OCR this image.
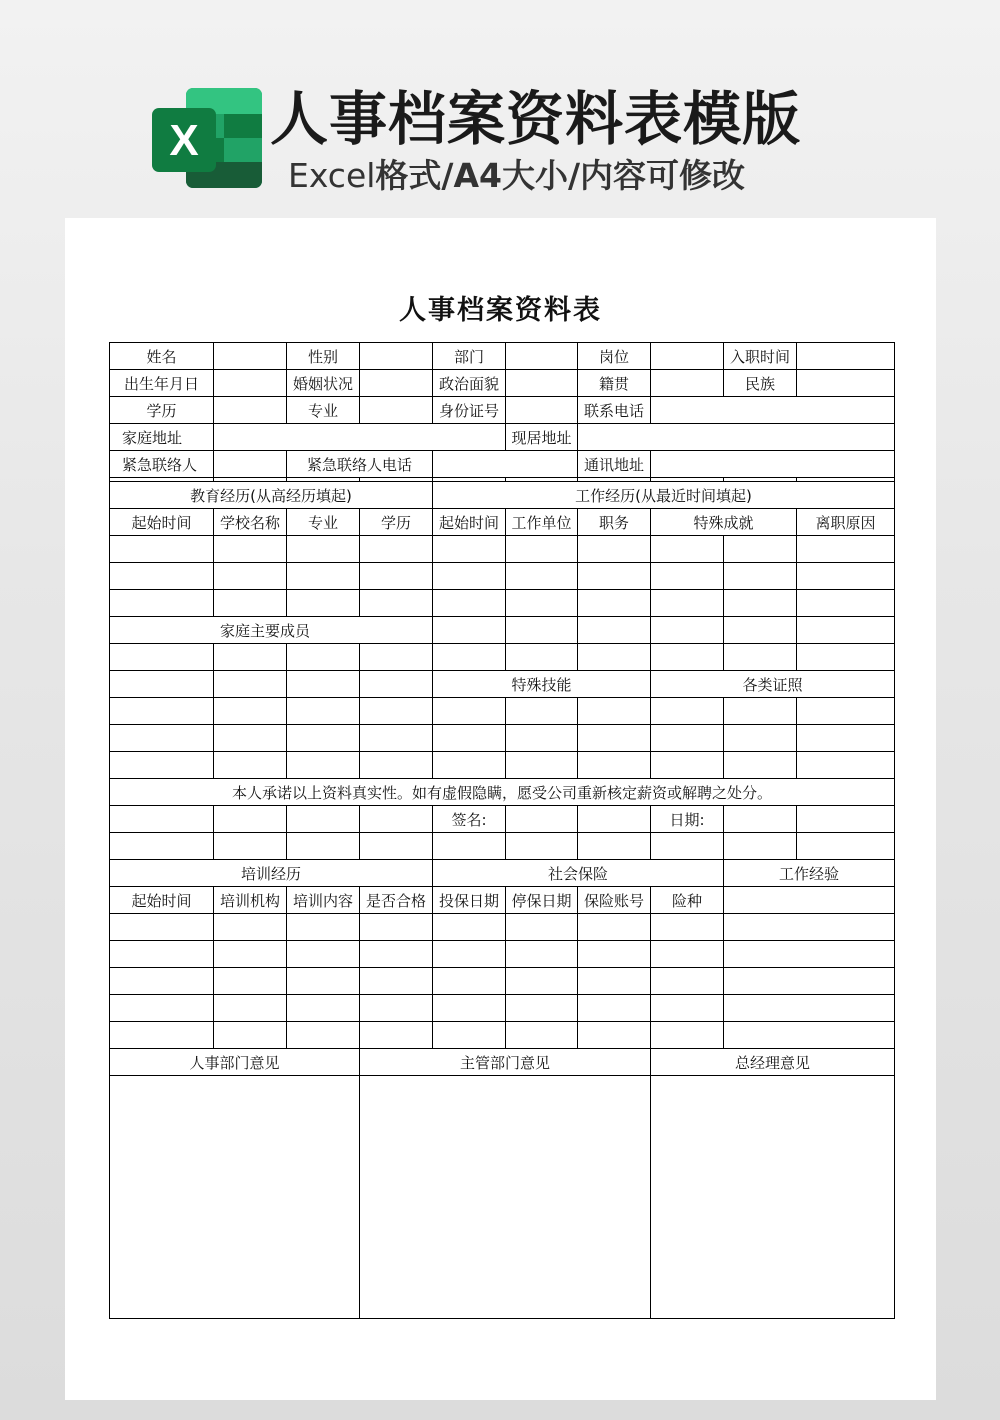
X 人事档案资料表模版
Excel格式/A4大小/内容可修改
人事档案资料表
姓名		性别		部门		岗位		入职时间	
出生年月日		婚姻状况		政治面貌		籍贯		民族	
学历		专业		身份证号		联系电话			
家庭地址					现居地址				
紧急联络人		紧急联络人电话				通讯地址			

教育经历(从高经历填起)				工作经历(从最近时间填起)					
起始时间	学校名称	专业	学历	起始时间	工作单位	职务	特殊成就		离职原因

家庭主要成员									

				特殊技能			各类证照		

本人承诺以上资料真实性。如有虚假隐瞒，愿受公司重新核定薪资或解聘之处分。									
				签名:			日期:		

培训经历				社会保险				工作经验	
起始时间	培训机构	培训内容	是否合格	投保日期	停保日期	保险账号	险种		

人事部门意见			主管部门意见				总经理意见		
